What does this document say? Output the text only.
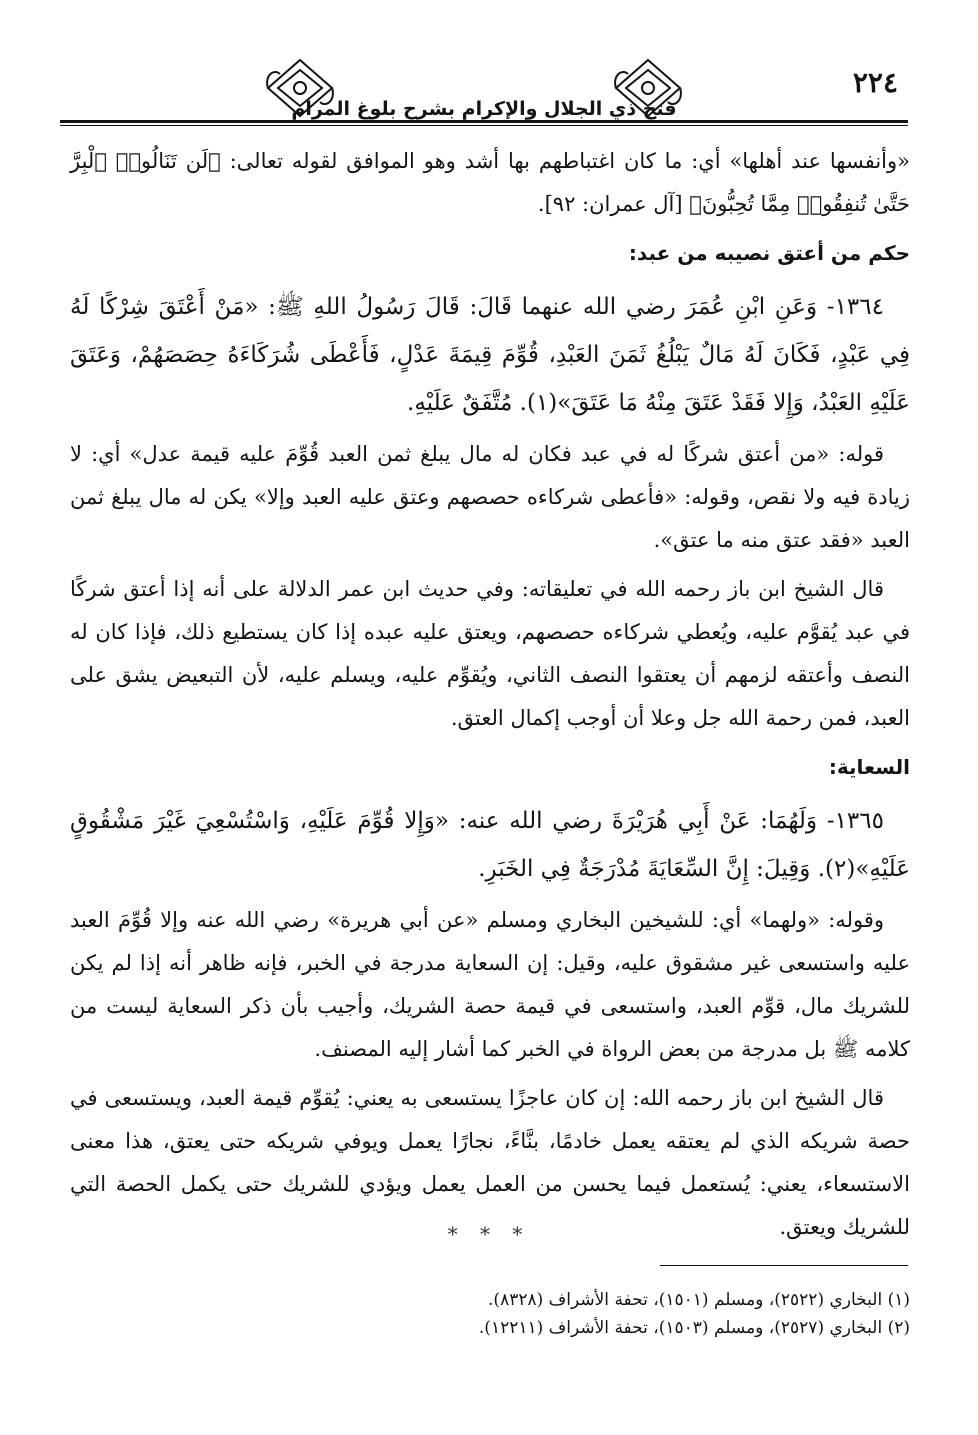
٢٢٤
فتح ذي الجلال والإكرام بشرح بلوغ المرام

«وأنفسها عند أهلها» أي: ما كان اغتباطهم بها أشد وهو الموافق لقوله تعالى: ﴿لَن تَنَالُوا۟ ٱلْبِرَّ حَتَّىٰ تُنفِقُوا۟ مِمَّا تُحِبُّونَ﴾ [آل عمران: ٩٢].

حكم من أعتق نصيبه من عبد:

١٣٦٤- وَعَنِ ابْنِ عُمَرَ رضي الله عنهما قَالَ: قَالَ رَسُولُ اللهِ ﷺ: «مَنْ أَعْتَقَ شِرْكًا لَهُ فِي عَبْدٍ، فَكَانَ لَهُ مَالٌ يَبْلُغُ ثَمَنَ العَبْدِ، قُوِّمَ قِيمَةَ عَدْلٍ، فَأَعْطَى شُرَكَاءَهُ حِصَصَهُمْ، وَعَتَقَ عَلَيْهِ العَبْدُ، وَإِلا فَقَدْ عَتَقَ مِنْهُ مَا عَتَقَ»(١). مُتَّفَقٌ عَلَيْهِ.

قوله: «من أعتق شركًا له في عبد فكان له مال يبلغ ثمن العبد قُوِّمَ عليه قيمة عدل» أي: لا زيادة فيه ولا نقص، وقوله: «فأعطى شركاءه حصصهم وعتق عليه العبد وإلا» يكن له مال يبلغ ثمن العبد «فقد عتق منه ما عتق».

قال الشيخ ابن باز رحمه الله في تعليقاته: وفي حديث ابن عمر الدلالة على أنه إذا أعتق شركًا في عبد يُقوَّم عليه، ويُعطي شركاءه حصصهم، ويعتق عليه عبده إذا كان يستطيع ذلك، فإذا كان له النصف وأعتقه لزمهم أن يعتقوا النصف الثاني، ويُقوِّم عليه، ويسلم عليه، لأن التبعيض يشق على العبد، فمن رحمة الله جل وعلا أن أوجب إكمال العتق.

السعاية:

١٣٦٥- وَلَهُمَا: عَنْ أَبِي هُرَيْرَةَ رضي الله عنه: «وَإِلا قُوِّمَ عَلَيْهِ، وَاسْتُسْعِيَ غَيْرَ مَشْقُوقٍ عَلَيْهِ»(٢). وَقِيلَ: إِنَّ السِّعَايَةَ مُدْرَجَةٌ فِي الخَبَرِ.

وقوله: «ولهما» أي: للشيخين البخاري ومسلم «عن أبي هريرة» رضي الله عنه وإلا قُوِّمَ العبد عليه واستسعى غير مشقوق عليه، وقيل: إن السعاية مدرجة في الخبر، فإنه ظاهر أنه إذا لم يكن للشريك مال، قوِّم العبد، واستسعى في قيمة حصة الشريك، وأجيب بأن ذكر السعاية ليست من كلامه ﷺ بل مدرجة من بعض الرواة في الخبر كما أشار إليه المصنف.

قال الشيخ ابن باز رحمه الله: إن كان عاجزًا يستسعى به يعني: يُقوِّم قيمة العبد، ويستسعى في حصة شريكه الذي لم يعتقه يعمل خادمًا، بنَّاءً، نجارًا يعمل ويوفي شريكه حتى يعتق، هذا معنى الاستسعاء، يعني: يُستعمل فيما يحسن من العمل يعمل ويؤدي للشريك حتى يكمل الحصة التي للشريك ويعتق.

* * *
(١) البخاري (٢٥٢٢)، ومسلم (١٥٠١)، تحفة الأشراف (٨٣٢٨).
(٢) البخاري (٢٥٢٧)، ومسلم (١٥٠٣)، تحفة الأشراف (١٢٢١١).
